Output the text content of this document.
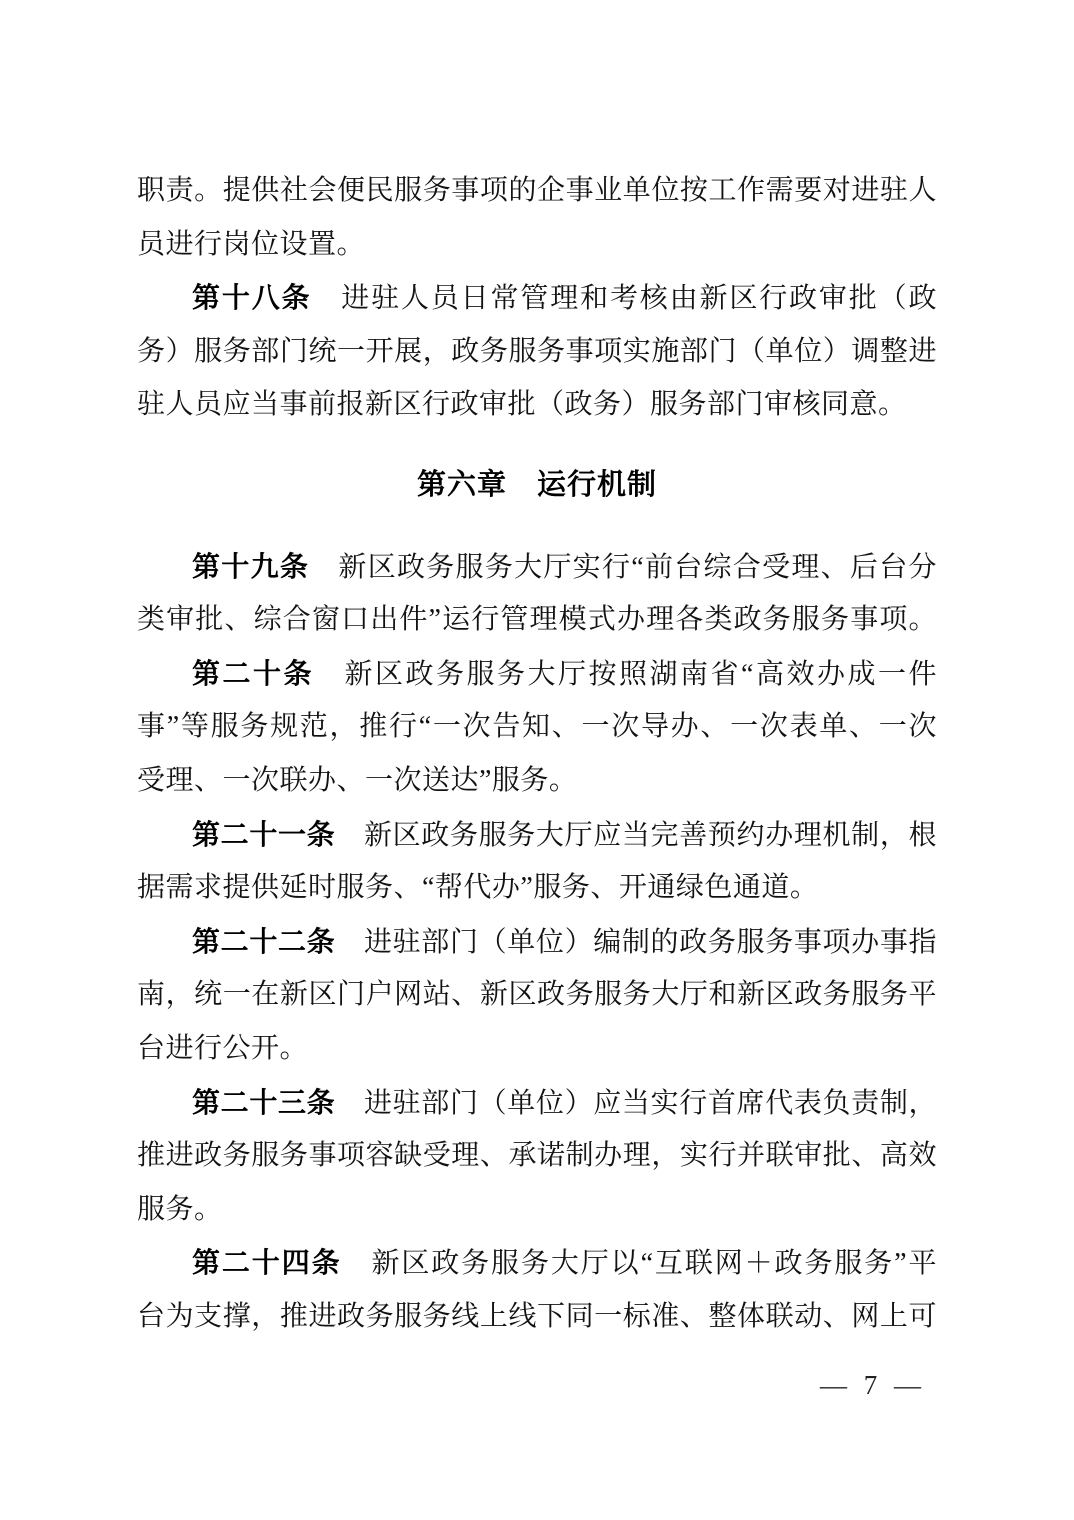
职责。提供社会便民服务事项的企事业单位按工作需要对进驻人
员进行岗位设置。
第十八条　进驻人员日常管理和考核由新区行政审批（政
务）服务部门统一开展，政务服务事项实施部门（单位）调整进
驻人员应当事前报新区行政审批（政务）服务部门审核同意。
第六章　运行机制
第十九条　新区政务服务大厅实行“前台综合受理、后台分
类审批、综合窗口出件”运行管理模式办理各类政务服务事项。
第二十条　新区政务服务大厅按照湖南省“高效办成一件
事”等服务规范，推行“一次告知、一次导办、一次表单、一次
受理、一次联办、一次送达”服务。
第二十一条　新区政务服务大厅应当完善预约办理机制，根
据需求提供延时服务、“帮代办”服务、开通绿色通道。
第二十二条　进驻部门（单位）编制的政务服务事项办事指
南，统一在新区门户网站、新区政务服务大厅和新区政务服务平
台进行公开。
第二十三条　进驻部门（单位）应当实行首席代表负责制，
推进政务服务事项容缺受理、承诺制办理，实行并联审批、高效
服务。
第二十四条　新区政务服务大厅以“互联网＋政务服务”平
台为支撑，推进政务服务线上线下同一标准、整体联动、网上可
— 7 —
